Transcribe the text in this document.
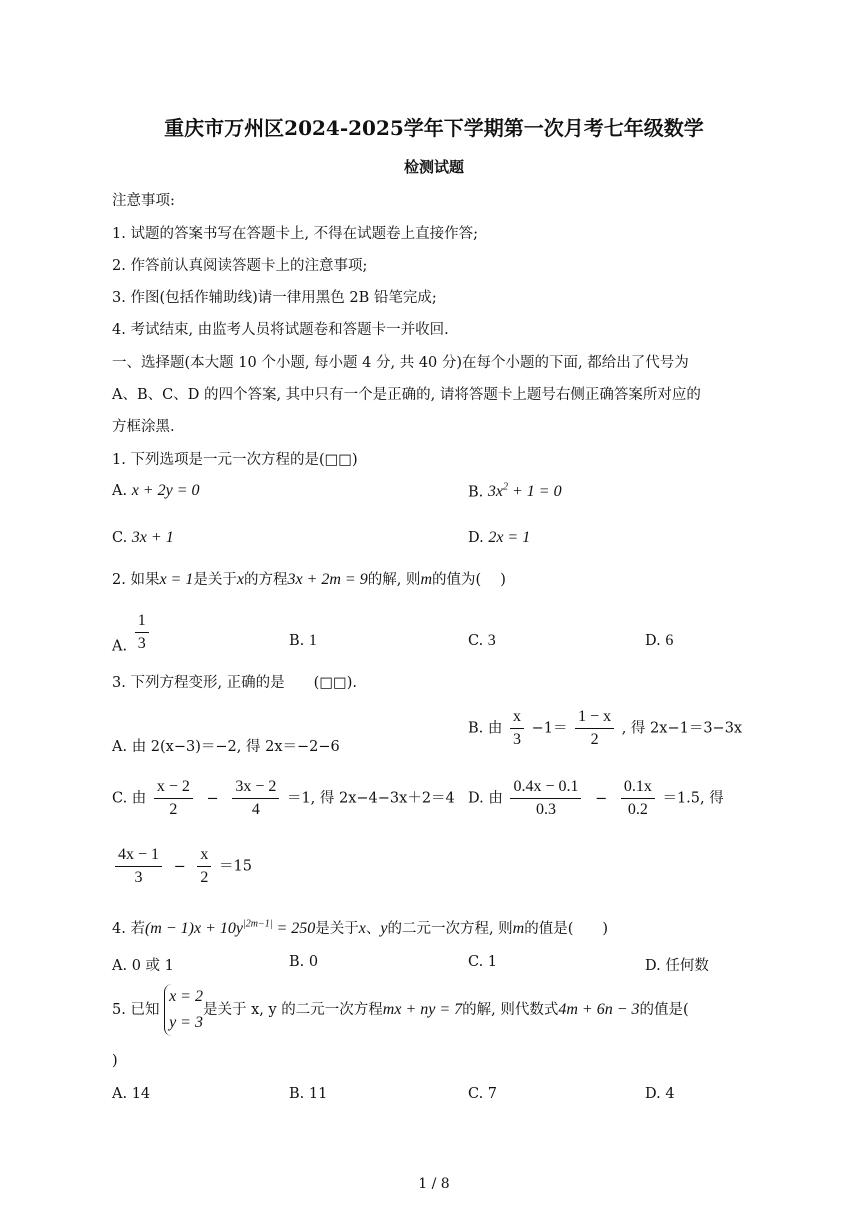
重庆市万州区2024-2025学年下学期第一次月考七年级数学
检测试题
注意事项:
1. 试题的答案书写在答题卡上, 不得在试题卷上直接作答;
2. 作答前认真阅读答题卡上的注意事项;
3. 作图(包括作辅助线)请一律用黑色 2B 铅笔完成;
4. 考试结束, 由监考人员将试题卷和答题卡一并收回.
一、选择题(本大题 10 个小题, 每小题 4 分, 共 40 分)在每个小题的下面, 都给出了代号为
A、B、C、D 的四个答案, 其中只有一个是正确的, 请将答题卡上题号右侧正确答案所对应的
方框涂黑.
1. 下列选项是一元一次方程的是(□□)
A. x + 2y = 0	B. $3x^2 + 1 = 0$
C. 3x + 1	D. 2x = 1
2. 如果x = 1是关于x的方程3x + 2m = 9的解, 则m的值为(　 )
A. $\frac{1}{3}$	B. 1	C. 3	D. 6
3. 下列方程变形, 正确的是　　(□□).
A. 由 2(x−3)＝−2, 得 2x＝−2−6
B. 由 $\frac{x}{3} -1= \frac{1 - x}{2}$ , 得 2x−1＝3−3x
C. 由 $\frac{x - 2}{2} - \frac{3x - 2}{4} =1$, 得 2x−4−3x＋2＝4 D. 由 $\frac{0.4x - 0.1}{0.3} - \frac{0.1x}{0.2} =1.5$, 得
$\frac{4x - 1}{3} - \frac{x}{2} =15$
4. 若$(m - 1)x + 10y^{|2m-1|} = 250$是关于x、y的二元一次方程, 则m的值是(　　)
A. 0 或 1	B. 0	C. 1	D. 任何数
5. 已知
x = 2
y = 3
是关于 x, y 的二元一次方程mx + ny = 7的解, 则代数式4m + 6n − 3的值是(
)
A. 14	B. 11	C. 7	D. 4
1 / 8
